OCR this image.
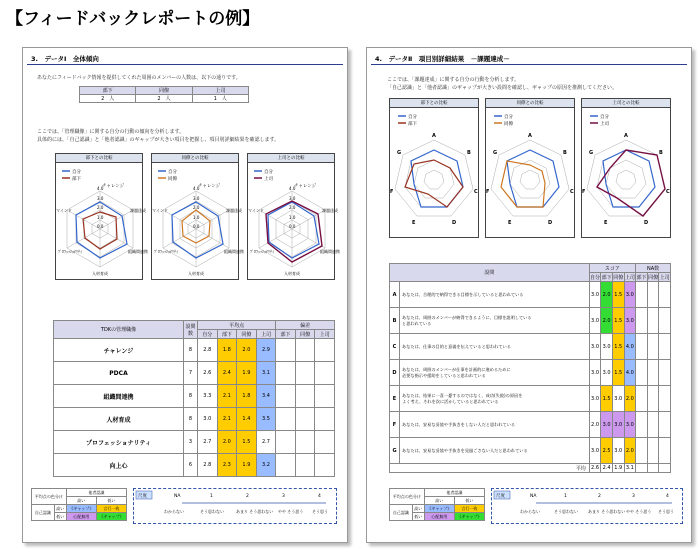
【フィードバックレポートの例】
3.　データⅠ　全体傾向
あなたにフィードバック情報を提供してくれた周囲のメンバーの人数は、以下の通りです。
部下	同僚	上司
2　人	2　人	1　人
ここでは、「管理職像」に関する自分の行動の傾向を分析します。
具体的には、「自己認識」と「他者認識」のギャップが大きい項目を把握し、項目別詳細結果を確認します。
部下との比較
自分
部下
4.0
3.0
2.0
1.0
0.0
チャレンジ
課題達成
組織間連携
人材育成
ﾌﾟﾛﾌｪｯｼｮﾅﾘﾃｨ
マインド
同僚との比較
自分
同僚
4.0
3.0
2.0
1.0
0.0
チャレンジ
課題達成
組織間連携
人材育成
ﾌﾟﾛﾌｪｯｼｮﾅﾘﾃｨ
マインド
上司との比較
自分
上司
4.0
3.0
2.0
1.0
0.0
チャレンジ
課題達成
組織間連携
人材育成
ﾌﾟﾛﾌｪｯｼｮﾅﾘﾃｨ
マインド
TDKの管理職像	設問数	平均点				偏差		
		自分	部下	同僚	上司	部下	同僚	上司
チャレンジ	8	2.8	1.8	2.0	2.9			
PDCA	7	2.6	2.4	1.9	3.1			
組織間連携	8	3.3	2.1	1.8	3.4			
人材育成	8	3.0	2.1	1.4	3.5			
プロフェッショナリティ	3	2.7	2.0	1.5	2.7			
向上心	6	2.8	2.3	1.9	3.2			
平均点の色分け		他者認識	
		高い	低い
自己認識	高い	《ギャップ》	言行一致
	低い	心配無用	《ギャップ》
尺度	NA	1	2	3	4
わからない	そう思わない	あまり そう思わない やや そう思う そう思う
4.　データⅡ　項目別詳細結果　－課題達成－
ここでは、「課題達成」に関する自分の行動を分析します。
「自己認識」と「他者認識」のギャップが大きい設問を確認し、ギャップの原因を推測してください。
部下との比較
自分
部下
A
B
C
D
E
F
G
同僚との比較
自分
同僚
A
B
C
D
E
F
G
上司との比較
自分
上司
A
B
C
D
E
F
G
設問		スコア				NA数		
		自分	部下	同僚	上司	部下	同僚	上司
A	あなたは、合理的で納得できる目標を示していると思われている	3.0	2.0	1.5	3.0			
B	あなたは、周囲のメンバーが納得できるように、目標を説明している
と思われている	3.0	2.0	1.5	3.0			
C	あなたは、仕事の目的と意義を伝えていると思われている	3.0	3.0	1.5	4.0			
D	あなたは、周囲のメンバーが仕事を計画的に進めるために
必要な指示や援助をしていると思われている	3.0	3.0	1.5	4.0			
E	あなたは、結果に一喜一憂するのではなく、成功(失敗)の原因を
よく考え、それを次に活かしていると思われている	3.0	1.5	3.0	2.0			
F	あなたは、安易な妥協や手抜きをしない人だと思われている	2.0	3.0	3.0	3.0			
G	あなたは、安易な妥協や手抜きを見過ごさない人だと思われている	3.0	2.5	3.0	2.0			
平均		2.6	2.4	1.9	3.1			
平均点の色分け		他者認識	
		高い	低い
自己認識	高い	《ギャップ》	言行一致
	低い	心配無用	《ギャップ》
尺度	NA	1	2	3	4
わからない	そう思わない	あまり そう思わない やや そう思う そう思う
